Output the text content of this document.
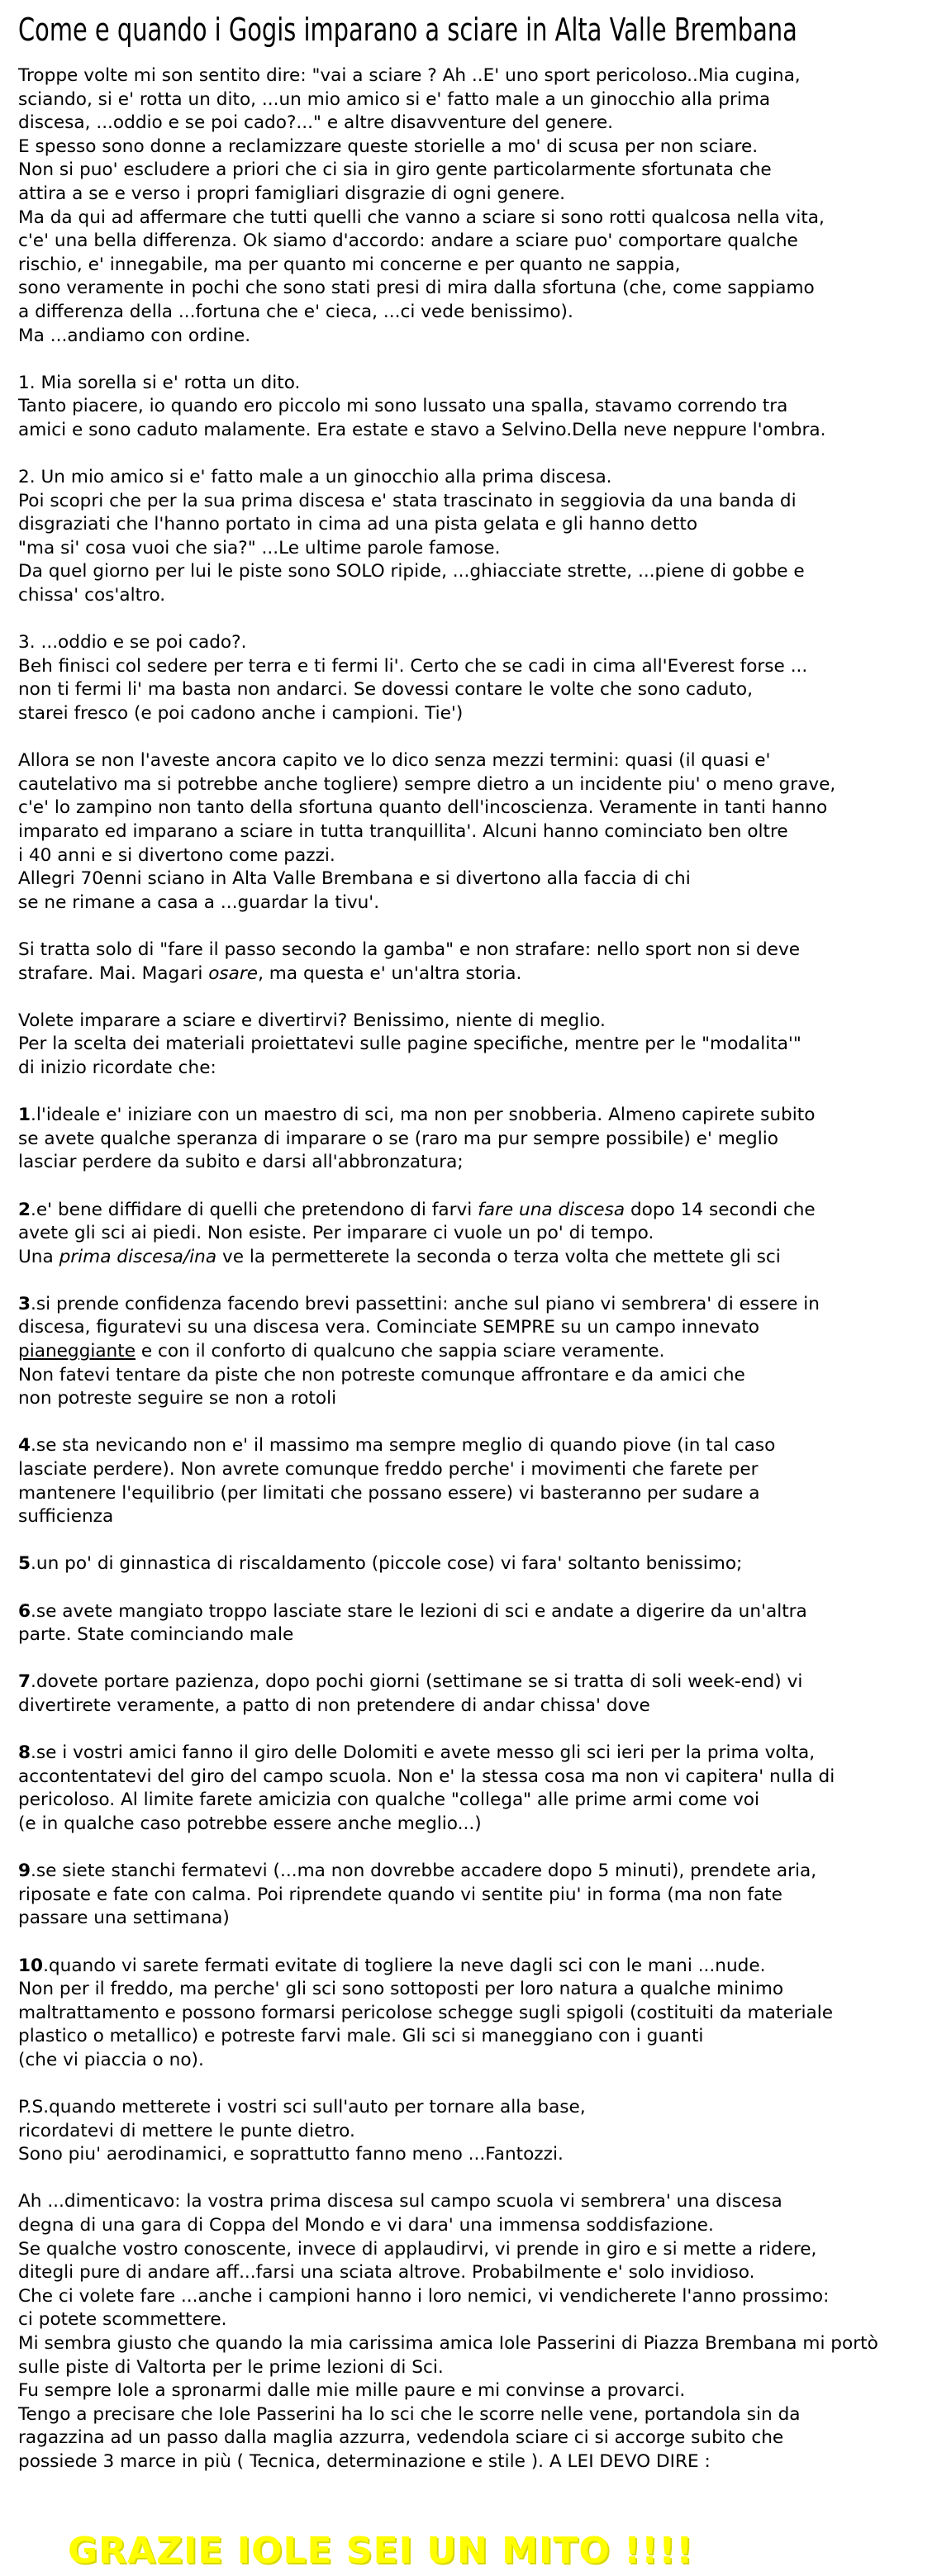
Come e quando i Gogis imparano a sciare in Alta Valle Brembana
Troppe volte mi son sentito dire: "vai a sciare ? Ah ..E' uno sport pericoloso..Mia cugina,
sciando, si e' rotta un dito, ...un mio amico si e' fatto male a un ginocchio alla prima
discesa, ...oddio e se poi cado?..." e altre disavventure del genere.
E spesso sono donne a reclamizzare queste storielle a mo' di scusa per non sciare.
Non si puo' escludere a priori che ci sia in giro gente particolarmente sfortunata che
attira a se e verso i propri famigliari disgrazie di ogni genere.
Ma da qui ad affermare che tutti quelli che vanno a sciare si sono rotti qualcosa nella vita,
c'e' una bella differenza. Ok siamo d'accordo: andare a sciare puo' comportare qualche
rischio, e' innegabile, ma per quanto mi concerne e per quanto ne sappia,
sono veramente in pochi che sono stati presi di mira dalla sfortuna (che, come sappiamo
a differenza della ...fortuna che e' cieca, ...ci vede benissimo).
Ma ...andiamo con ordine.
1. Mia sorella si e' rotta un dito.
Tanto piacere, io quando ero piccolo mi sono lussato una spalla, stavamo correndo tra
amici e sono caduto malamente. Era estate e stavo a Selvino.Della neve neppure l'ombra.
2. Un mio amico si e' fatto male a un ginocchio alla prima discesa.
Poi scopri che per la sua prima discesa e' stata trascinato in seggiovia da una banda di
disgraziati che l'hanno portato in cima ad una pista gelata e gli hanno detto
"ma si' cosa vuoi che sia?" ...Le ultime parole famose.
Da quel giorno per lui le piste sono SOLO ripide, ...ghiacciate strette, ...piene di gobbe e
chissa' cos'altro.
3. ...oddio e se poi cado?.
Beh finisci col sedere per terra e ti fermi li'. Certo che se cadi in cima all'Everest forse ...
non ti fermi li' ma basta non andarci. Se dovessi contare le volte che sono caduto,
starei fresco (e poi cadono anche i campioni. Tie')
Allora se non l'aveste ancora capito ve lo dico senza mezzi termini: quasi (il quasi e'
cautelativo ma si potrebbe anche togliere) sempre dietro a un incidente piu' o meno grave,
c'e' lo zampino non tanto della sfortuna quanto dell'incoscienza. Veramente in tanti hanno
imparato ed imparano a sciare in tutta tranquillita'. Alcuni hanno cominciato ben oltre
i 40 anni e si divertono come pazzi.
Allegri 70enni sciano in Alta Valle Brembana e si divertono alla faccia di chi
se ne rimane a casa a ...guardar la tivu'.
Si tratta solo di "fare il passo secondo la gamba" e non strafare: nello sport non si deve
strafare. Mai. Magari osare, ma questa e' un'altra storia.
Volete imparare a sciare e divertirvi? Benissimo, niente di meglio.
Per la scelta dei materiali proiettatevi sulle pagine specifiche, mentre per le "modalita'"
di inizio ricordate che:
1.l'ideale e' iniziare con un maestro di sci, ma non per snobberia. Almeno capirete subito
se avete qualche speranza di imparare o se (raro ma pur sempre possibile) e' meglio
lasciar perdere da subito e darsi all'abbronzatura;
2.e' bene diffidare di quelli che pretendono di farvi fare una discesa dopo 14 secondi che
avete gli sci ai piedi. Non esiste. Per imparare ci vuole un po' di tempo.
Una prima discesa/ina ve la permetterete la seconda o terza volta che mettete gli sci
3.si prende confidenza facendo brevi passettini: anche sul piano vi sembrera' di essere in
discesa, figuratevi su una discesa vera. Cominciate SEMPRE su un campo innevato
pianeggiante e con il conforto di qualcuno che sappia sciare veramente.
Non fatevi tentare da piste che non potreste comunque affrontare e da amici che
non potreste seguire se non a rotoli
4.se sta nevicando non e' il massimo ma sempre meglio di quando piove (in tal caso
lasciate perdere). Non avrete comunque freddo perche' i movimenti che farete per
mantenere l'equilibrio (per limitati che possano essere) vi basteranno per sudare a
sufficienza
5.un po' di ginnastica di riscaldamento (piccole cose) vi fara' soltanto benissimo;
6.se avete mangiato troppo lasciate stare le lezioni di sci e andate a digerire da un'altra
parte. State cominciando male
7.dovete portare pazienza, dopo pochi giorni (settimane se si tratta di soli week-end) vi
divertirete veramente, a patto di non pretendere di andar chissa' dove
8.se i vostri amici fanno il giro delle Dolomiti e avete messo gli sci ieri per la prima volta,
accontentatevi del giro del campo scuola. Non e' la stessa cosa ma non vi capitera' nulla di
pericoloso. Al limite farete amicizia con qualche "collega" alle prime armi come voi
(e in qualche caso potrebbe essere anche meglio...)
9.se siete stanchi fermatevi (...ma non dovrebbe accadere dopo 5 minuti), prendete aria,
riposate e fate con calma. Poi riprendete quando vi sentite piu' in forma (ma non fate
passare una settimana)
10.quando vi sarete fermati evitate di togliere la neve dagli sci con le mani ...nude.
Non per il freddo, ma perche' gli sci sono sottoposti per loro natura a qualche minimo
maltrattamento e possono formarsi pericolose schegge sugli spigoli (costituiti da materiale
plastico o metallico) e potreste farvi male. Gli sci si maneggiano con i guanti
(che vi piaccia o no).
P.S.quando metterete i vostri sci sull'auto per tornare alla base,
ricordatevi di mettere le punte dietro.
Sono piu' aerodinamici, e soprattutto fanno meno ...Fantozzi.
Ah ...dimenticavo: la vostra prima discesa sul campo scuola vi sembrera' una discesa
degna di una gara di Coppa del Mondo e vi dara' una immensa soddisfazione.
Se qualche vostro conoscente, invece di applaudirvi, vi prende in giro e si mette a ridere,
ditegli pure di andare aff...farsi una sciata altrove. Probabilmente e' solo invidioso.
Che ci volete fare ...anche i campioni hanno i loro nemici, vi vendicherete l'anno prossimo:
ci potete scommettere.
Mi sembra giusto che quando la mia carissima amica Iole Passerini di Piazza Brembana mi portò
sulle piste di Valtorta per le prime lezioni di Sci.
Fu sempre Iole a spronarmi dalle mie mille paure e mi convinse a provarci.
Tengo a precisare che Iole Passerini ha lo sci che le scorre nelle vene, portandola sin da
ragazzina ad un passo dalla maglia azzurra, vedendola sciare ci si accorge subito che
possiede 3 marce in più ( Tecnica, determinazione e stile ). A LEI DEVO DIRE :
GRAZIE IOLE SEI UN MITO !!!!
